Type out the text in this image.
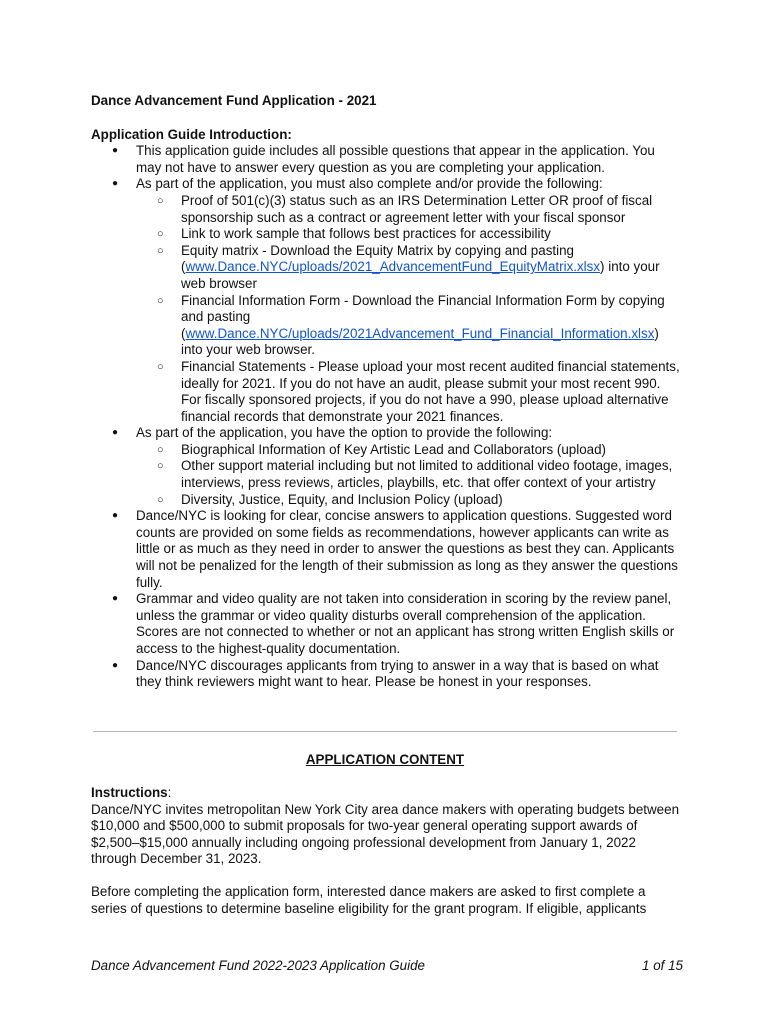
Dance Advancement Fund Application - 2021

Application Guide Introduction:

● This application guide includes all possible questions that appear in the application. You may not have to answer every question as you are completing your application.
● As part of the application, you must also complete and/or provide the following:
○ Proof of 501(c)(3) status such as an IRS Determination Letter OR proof of fiscal sponsorship such as a contract or agreement letter with your fiscal sponsor
○ Link to work sample that follows best practices for accessibility
○ Equity matrix - Download the Equity Matrix by copying and pasting (www.Dance.NYC/uploads/2021_AdvancementFund_EquityMatrix.xlsx) into your web browser
○ Financial Information Form - Download the Financial Information Form by copying and pasting (www.Dance.NYC/uploads/2021Advancement_Fund_Financial_Information.xlsx) into your web browser.
○ Financial Statements - Please upload your most recent audited financial statements, ideally for 2021. If you do not have an audit, please submit your most recent 990. For fiscally sponsored projects, if you do not have a 990, please upload alternative financial records that demonstrate your 2021 finances.
● As part of the application, you have the option to provide the following:
○ Biographical Information of Key Artistic Lead and Collaborators (upload)
○ Other support material including but not limited to additional video footage, images, interviews, press reviews, articles, playbills, etc. that offer context of your artistry
○ Diversity, Justice, Equity, and Inclusion Policy (upload)
● Dance/NYC is looking for clear, concise answers to application questions. Suggested word counts are provided on some fields as recommendations, however applicants can write as little or as much as they need in order to answer the questions as best they can. Applicants will not be penalized for the length of their submission as long as they answer the questions fully.
● Grammar and video quality are not taken into consideration in scoring by the review panel, unless the grammar or video quality disturbs overall comprehension of the application. Scores are not connected to whether or not an applicant has strong written English skills or access to the highest-quality documentation.
● Dance/NYC discourages applicants from trying to answer in a way that is based on what they think reviewers might want to hear. Please be honest in your responses.
APPLICATION CONTENT
Instructions:

Dance/NYC invites metropolitan New York City area dance makers with operating budgets between $10,000 and $500,000 to submit proposals for two-year general operating support awards of $2,500–$15,000 annually including ongoing professional development from January 1, 2022 through December 31, 2023.

Before completing the application form, interested dance makers are asked to first complete a series of questions to determine baseline eligibility for the grant program. If eligible, applicants

Dance Advancement Fund 2022-2023 Application Guide	1 of 15
